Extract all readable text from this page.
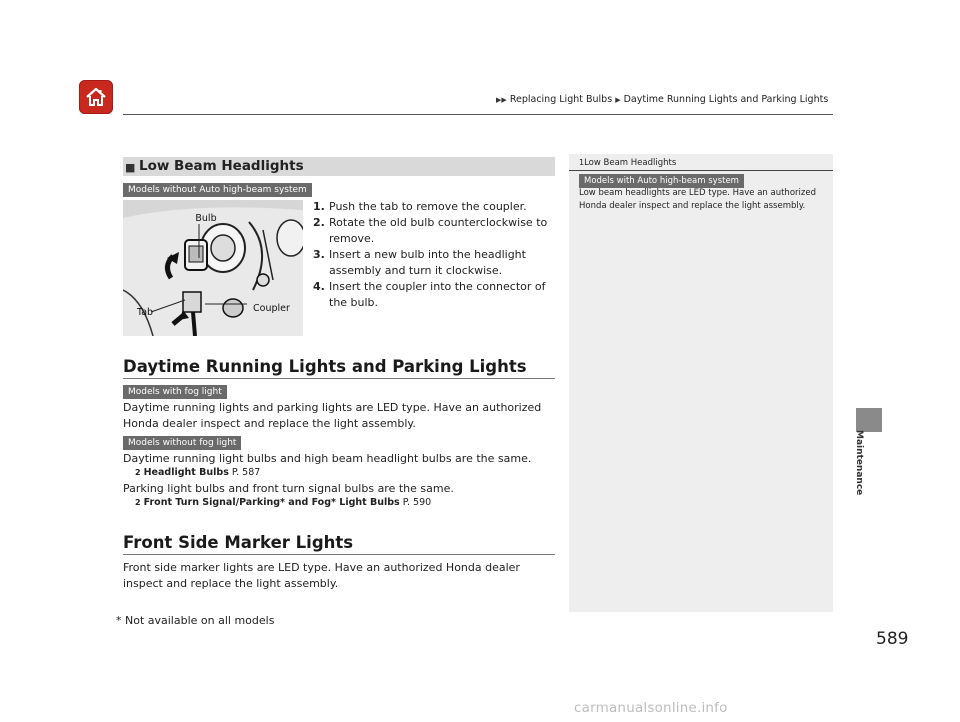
▶▶ Replacing Light Bulbs ▶ Daytime Running Lights and Parking Lights
Maintenance
■ Low Beam Headlights
Models without Auto high-beam system
Bulb
Tab	Coupler
1. Push the tab to remove the coupler.
2. Rotate the old bulb counterclockwise to remove.
3. Insert a new bulb into the headlight assembly and turn it clockwise.
4. Insert the coupler into the connector of the bulb.
Daytime Running Lights and Parking Lights
Models with fog light
Daytime running lights and parking lights are LED type. Have an authorized Honda dealer inspect and replace the light assembly.
Models without fog light
Daytime running light bulbs and high beam headlight bulbs are the same.
2 Headlight Bulbs P. 587
Parking light bulbs and front turn signal bulbs are the same.
2 Front Turn Signal/Parking* and Fog* Light Bulbs P. 590
Front Side Marker Lights
Front side marker lights are LED type. Have an authorized Honda dealer inspect and replace the light assembly.
1Low Beam Headlights
Models with Auto high-beam system
Low beam headlights are LED type. Have an authorized Honda dealer inspect and replace the light assembly.
* Not available on all models
589
carmanualsonline.info
